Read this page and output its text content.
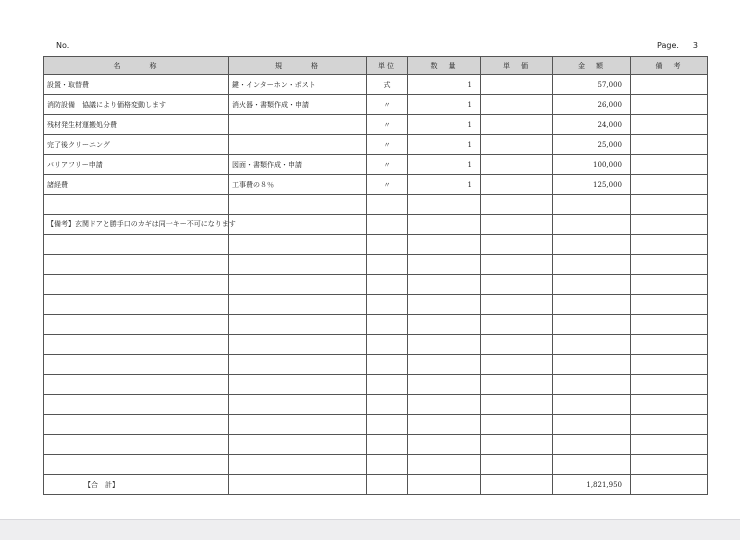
No.	Page. 3
名　　　称	規　　　格	単位	数　量	単　価	金　額	備　考
設置・取替費	鍵・インターホン・ポスト	式	1		57,000	
消防設備　協議により価格変動します	消火器・書類作成・申請	〃	1		26,000	
残材発生材運搬処分費		〃	1		24,000	
完了後クリーニング		〃	1		25,000	
バリアフリー申請	図面・書類作成・申請	〃	1		100,000	
諸経費	工事費の８％	〃	1		125,000	

【備考】玄関ドアと勝手口のカギは同一キー不可になります						

【合　計】					1,821,950	
